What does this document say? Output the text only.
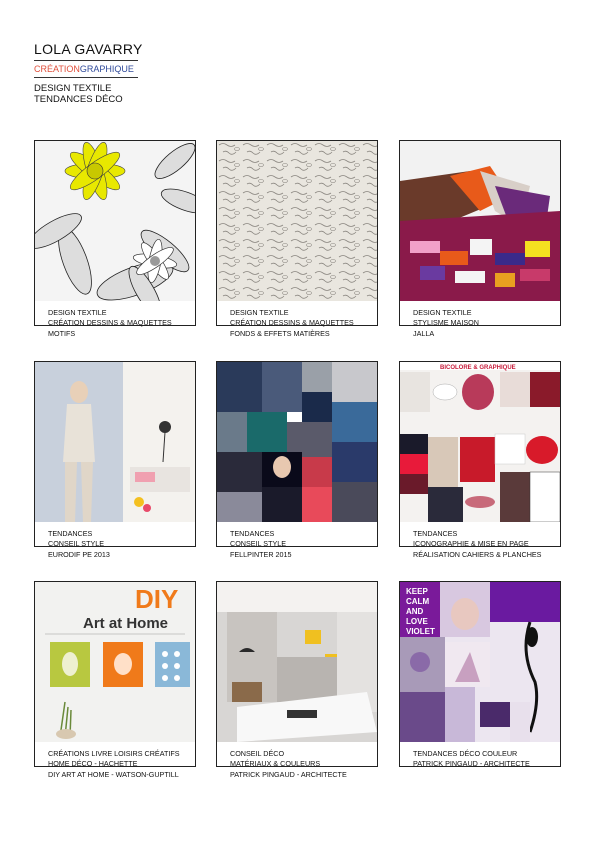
LOLA GAVARRY
CRÉATIONGRAPHIQUE
DESIGN TEXTILE
TENDANCES DÉCO
DESIGN TEXTILE
CRÉATION DESSINS & MAQUETTES
MOTIFS
DESIGN TEXTILE
CRÉATION DESSINS & MAQUETTES
FONDS & EFFETS MATIÈRES
DESIGN TEXTILE
STYLISME MAISON
JALLA
TENDANCES
CONSEIL STYLE
EURODIF PE 2013
TENDANCES
CONSEIL STYLE
FELLPINTER 2015
BICOLORE & GRAPHIQUE
TENDANCES
ICONOGRAPHIE & MISE EN PAGE
RÉALISATION CAHIERS & PLANCHES
DIY
Art at Home
CRÉATIONS LIVRE LOISIRS CRÉATIFS
HOME DÉCO - HACHETTE
DIY ART AT HOME - WATSON-GUPTILL
CONSEIL DÉCO
MATÉRIAUX & COULEURS
PATRICK PINGAUD - ARCHITECTE
KEEP
CALM
AND
LOVE
VIOLET
TENDANCES DÉCO COULEUR
PATRICK PINGAUD - ARCHITECTE
